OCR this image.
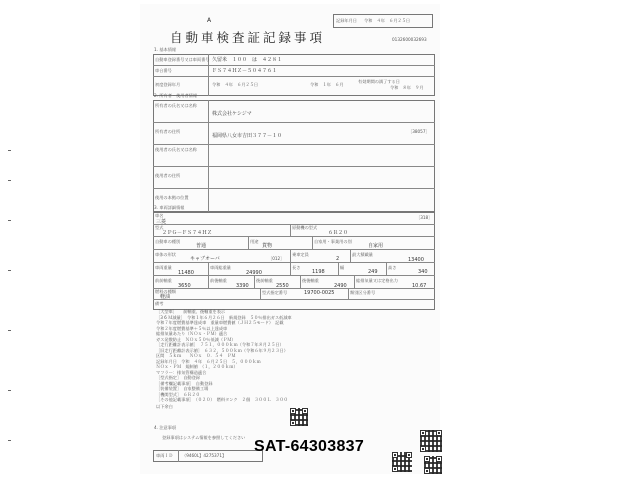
A
自動車検査証記録事項
記録年月日 令和　４年　６月２５日
0132600032693
1. 基本情報
自動車登録番号又は車両番号 久留米　１００　は　４２８１
車台番号	ＦＳ７４ＨＺ－５０４７６１
初度登録年月	令和　４年　６月２５日	令和　１年　６月
有効期間の満了する日
令和　８年　９月
2. 所有者・使用者情報
所有者の氏名又は名称
株式会社ケシジマ
所有者の住所
福岡県八女市吉田３７７－１０
［38057］
使用者の氏名又は名称
使用者の住所
使用の本拠の位置
3. 車両詳細情報
車名
三菱
［318］
型式
２ＰＧ－ＦＳ７４ＨＺ
原動機の型式
６Ｒ２０
自動車の種別
普通
用途
貨物
自家用・事業用の別
自家用
車体の形状
キャブオーバ	［012］
乗車定員
2
最大積載量
13400
車両重量
11480
車両総重量
24990
長さ
1198
幅
249
高さ
340
前前軸重
3650
前後軸重
3390
後前軸重
2550
後後軸重
2490
総排気量又は定格出力
10.67
燃料の種類
軽油
型式指定番号	19700-0025	類別区分番号
備考
［大型車］　　前軸重、後軸重を表示
［3 6 Ｍ減量］　令和１年６月２６日　新規登録　５０％排出ガス低減車
令和７年度燃費基準達成車　重量車燃費値（ＪＨ２５モード）　記載
令和２年度燃費基準＋５％以上達成車
総排気量あたり（ＮＯｘ・ＰＭ）適合
ガス発散防止　ＮＯｘ５０％低減（ＰＭ）
［走行距離計表示値］　７５１，０００ｋｍ（令和７年８月２５日）
［旧走行距離計表示値］　６３２，５００ｋｍ（令和６年９月２３日）
区間　５ｋｍ　　ＮＯｘ　０．５４　ＰＭ
記録年月日　令和　４年　６月２５日　５，０００ｋｍ
ＮＯｘ・ＰＭ　規制値　（１，２００ｋｍ）
マフラー：排気管構造適合
［型式指定］　自動登録
［備考欄記載事項］　自動登録
［装備装置］　自家整備工場
［機関型式］　６Ｒ２０
［その他記載事項］　（０２０）　燃料タンク　２個　３００Ｌ　３００
以下余白
4. 注意事項
登録事項はシステム情報を参照してください
車両ＩＤ （9460L】4275371】
SAT-64303837
